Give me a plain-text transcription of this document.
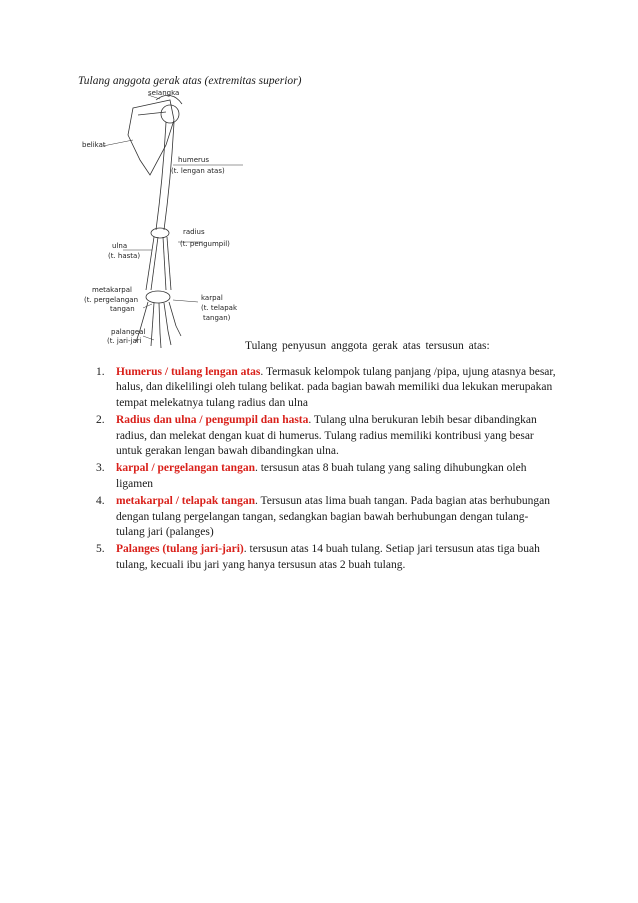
Tulang anggota gerak atas (extremitas superior)
selangka
belikat
humerus
(t. lengan atas)
radius
(t. pengumpil)
ulna
(t. hasta)
metakarpal
(t. pergelangan
tangan
karpal
(t. telapak
tangan)
palangeal
(t. jari-jari	Tulang penyusun anggota gerak atas tersusun atas:
1. Humerus / tulang lengan atas. Termasuk kelompok tulang panjang /pipa, ujung atasnya besar, halus, dan dikelilingi oleh tulang belikat. pada bagian bawah memiliki dua lekukan merupakan tempat melekatnya tulang radius dan ulna
2. Radius dan ulna / pengumpil dan hasta. Tulang ulna berukuran lebih besar dibandingkan radius, dan melekat dengan kuat di humerus. Tulang radius memiliki kontribusi yang besar untuk gerakan lengan bawah dibandingkan ulna.
3. karpal / pergelangan tangan. tersusun atas 8 buah tulang yang saling dihubungkan oleh ligamen
4. metakarpal / telapak tangan. Tersusun atas lima buah tangan. Pada bagian atas berhubungan dengan tulang pergelangan tangan, sedangkan bagian bawah berhubungan dengan tulang-tulang jari (palanges)
5. Palanges (tulang jari-jari). tersusun atas 14 buah tulang. Setiap jari tersusun atas tiga buah tulang, kecuali ibu jari yang hanya tersusun atas 2 buah tulang.
